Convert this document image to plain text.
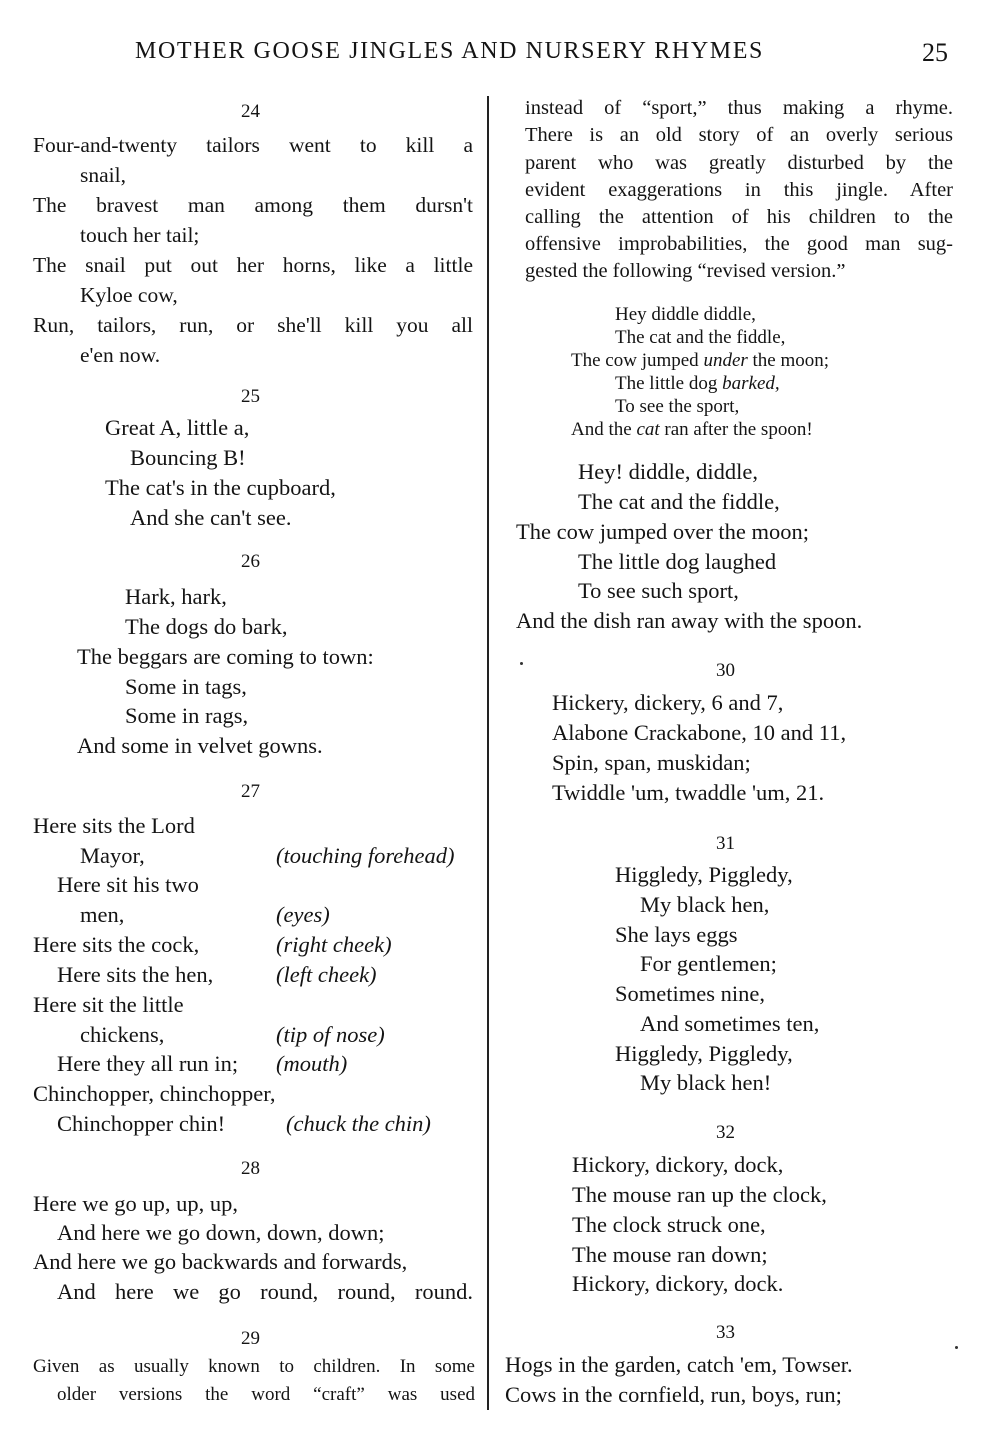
MOTHER GOOSE JINGLES AND NURSERY RHYMES	25
24
Four-and-twenty tailors went to kill a
snail,
The bravest man among them dursn't
touch her tail;
The snail put out her horns, like a little
Kyloe cow,
Run, tailors, run, or she'll kill you all
e'en now.
25
Great A, little a,
Bouncing B!
The cat's in the cupboard,
And she can't see.
26
Hark, hark,
The dogs do bark,
The beggars are coming to town:
Some in tags,
Some in rags,
And some in velvet gowns.
27
Here sits the Lord
Mayor,	(touching forehead)
Here sit his two
men,	(eyes)
Here sits the cock,	(right cheek)
Here sits the hen,	(left cheek)
Here sit the little
chickens,	(tip of nose)
Here they all run in; (mouth)
Chinchopper, chinchopper,
Chinchopper chin!	(chuck the chin)
28
Here we go up, up, up,
And here we go down, down, down;
And here we go backwards and forwards,
And here we go round, round, round.
29
Given as usually known to children. In some
older versions the word “craft” was used
instead of “sport,” thus making a rhyme.
There is an old story of an overly serious
parent who was greatly disturbed by the
evident exaggerations in this jingle. After
calling the attention of his children to the
offensive improbabilities, the good man sug-
gested the following “revised version.”
Hey diddle diddle,
The cat and the fiddle,
The cow jumped under the moon;
The little dog barked,
To see the sport,
And the cat ran after the spoon!
Hey! diddle, diddle,
The cat and the fiddle,
The cow jumped over the moon;
The little dog laughed
To see such sport,
And the dish ran away with the spoon.
30
Hickery, dickery, 6 and 7,
Alabone Crackabone, 10 and 11,
Spin, span, muskidan;
Twiddle 'um, twaddle 'um, 21.
31
Higgledy, Piggledy,
My black hen,
She lays eggs
For gentlemen;
Sometimes nine,
And sometimes ten,
Higgledy, Piggledy,
My black hen!
32
Hickory, dickory, dock,
The mouse ran up the clock,
The clock struck one,
The mouse ran down;
Hickory, dickory, dock.
33
Hogs in the garden, catch 'em, Towser.
Cows in the cornfield, run, boys, run;
